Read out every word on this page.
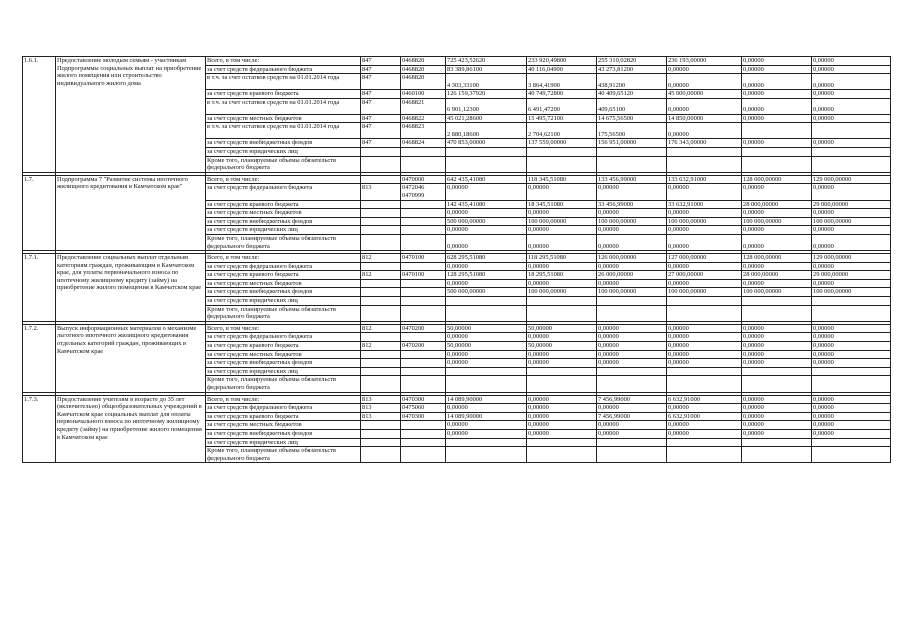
1.6.1.	Предоставление молодым семьям - участникам Подпрограммы социальных выплат на приобретение жилого помещения или строительство индивидуального жилого дома	Всего, в том числе:	847	0468820	725 423,52620	233 920,49800	255 310,02820	236 193,00000	0,00000	0,00000
		за счет средств федерального бюджета	847	0468820	83 389,86100	40 116,04900	43 273,81200	0,00000	0,00000	0,00000
		в т.ч. за счет остатков средств на 01.01.2014 года	847	0468820	4 303,33100	3 864,41900	438,91200	0,00000	0,00000	0,00000
		за счет средств краевого бюджета	847	0460100	126 159,37920	40 749,72800	40 409,65120	45 000,00000	0,00000	0,00000
		в т.ч. за счет остатков средств на 01.01.2014 года	847	0468821	6 901,12300	6 491,47200	409,65100	0,00000	0,00000	0,00000
		за счет средств местных бюджетов	847	0468822	45 021,28600	15 495,72100	14 675,56500	14 850,00000	0,00000	0,00000
		в т.ч. за счет остатков средств на 01.01.2014 года	847	0468823	2 880,18600	2 704,62100	175,56500	0,00000		
		за счет средств внебюджетных фондов	847	0468824	470 853,00000	137 559,00000	156 951,00000	176 343,00000	0,00000	0,00000
		за счет средств юридических лиц								
		Кроме того, планируемые объемы обязательств федерального бюджета								

1.7.	Подпрограмма 7 "Развитие системы ипотечного жилищного кредитования в Камчатском крае"	Всего, в том числе:		0470000	642 435,41080	118 345,51080	133 456,99000	133 632,91000	128 000,00000	129 000,00000
		за счет средств федерального бюджета	813	0472046 0470999	0,00000	0,00000	0,00000	0,00000	0,00000	0,00000
		за счет средств краевого бюджета			142 435,41080	18 345,51080	33 456,99000	33 632,91000	28 000,00000	29 000,00000
		за счет средств местных бюджетов			0,00000	0,00000	0,00000	0,00000	0,00000	0,00000
		за счет средств внебюджетных фондов			500 000,00000	100 000,00000	100 000,00000	100 000,00000	100 000,00000	100 000,00000
		за счет средств юридических лиц			0,00000	0,00000	0,00000	0,00000	0,00000	0,00000
		Кроме того, планируемые объемы обязательств федерального бюджета			0,00000	0,00000	0,00000	0,00000	0,00000	0,00000

1.7.1.	Предоставление социальных выплат отдельным категориям граждан, проживающим в Камчатском крае, для уплаты первоначального взноса по ипотечному жилищному кредиту (займу) на приобретение жилого помещения в Камчатском крае	Всего, в том числе:	812	0470100	628 295,51080	118 295,51080	126 000,00000	127 000,00000	128 000,00000	129 000,00000
		за счет средств федерального бюджета			0,00000	0,00000	0,00000	0,00000	0,00000	0,00000
		за счет средств краевого бюджета	812	0470100	128 295,51080	18 295,51080	26 000,00000	27 000,00000	28 000,00000	29 000,00000
		за счет средств местных бюджетов			0,00000	0,00000	0,00000	0,00000	0,00000	0,00000
		за счет средств внебюджетных фондов			500 000,00000	100 000,00000	100 000,00000	100 000,00000	100 000,00000	100 000,00000
		за счет средств юридических лиц								
		Кроме того, планируемые объемы обязательств федерального бюджета								

1.7.2.	Выпуск информационных материалов о механизме льготного ипотечного жилищного кредитования отдельных категорий граждан, проживающих в Камчатском крае	Всего, в том числе:	812	0470200	50,00000	50,00000	0,00000	0,00000	0,00000	0,00000
		за счет средств федерального бюджета			0,00000	0,00000	0,00000	0,00000	0,00000	0,00000
		за счет средств краевого бюджета	812	0470200	50,00000	50,00000	0,00000	0,00000	0,00000	0,00000
		за счет средств местных бюджетов			0,00000	0,00000	0,00000	0,00000	0,00000	0,00000
		за счет средств внебюджетных фондов			0,00000	0,00000	0,00000	0,00000	0,00000	0,00000
		за счет средств юридических лиц								
		Кроме того, планируемые объемы обязательств федерального бюджета								

1.7.3.	Предоставление учителям в возрасте до 35 лет (включительно) общеобразовательных учреждений в Камчатском крае социальных выплат для оплаты первоначального взноса по ипотечному жилищному кредиту (займу) на приобретение жилого помещения в Камчатском крае	Всего, в том числе:	813	0470300	14 089,90000	0,00000	7 456,99000	6 632,91000	0,00000	0,00000
		за счет средств федерального бюджета	813	0475060	0,00000	0,00000	0,00000	0,00000	0,00000	0,00000
		за счет средств краевого бюджета	813	0470300	14 089,90000	0,00000	7 456,99000	6 632,91000	0,00000	0,00000
		за счет средств местных бюджетов			0,00000	0,00000	0,00000	0,00000	0,00000	0,00000
		за счет средств внебюджетных фондов			0,00000	0,00000	0,00000	0,00000	0,00000	0,00000
		за счет средств юридических лиц								
		Кроме того, планируемые объемы обязательств федерального бюджета								
